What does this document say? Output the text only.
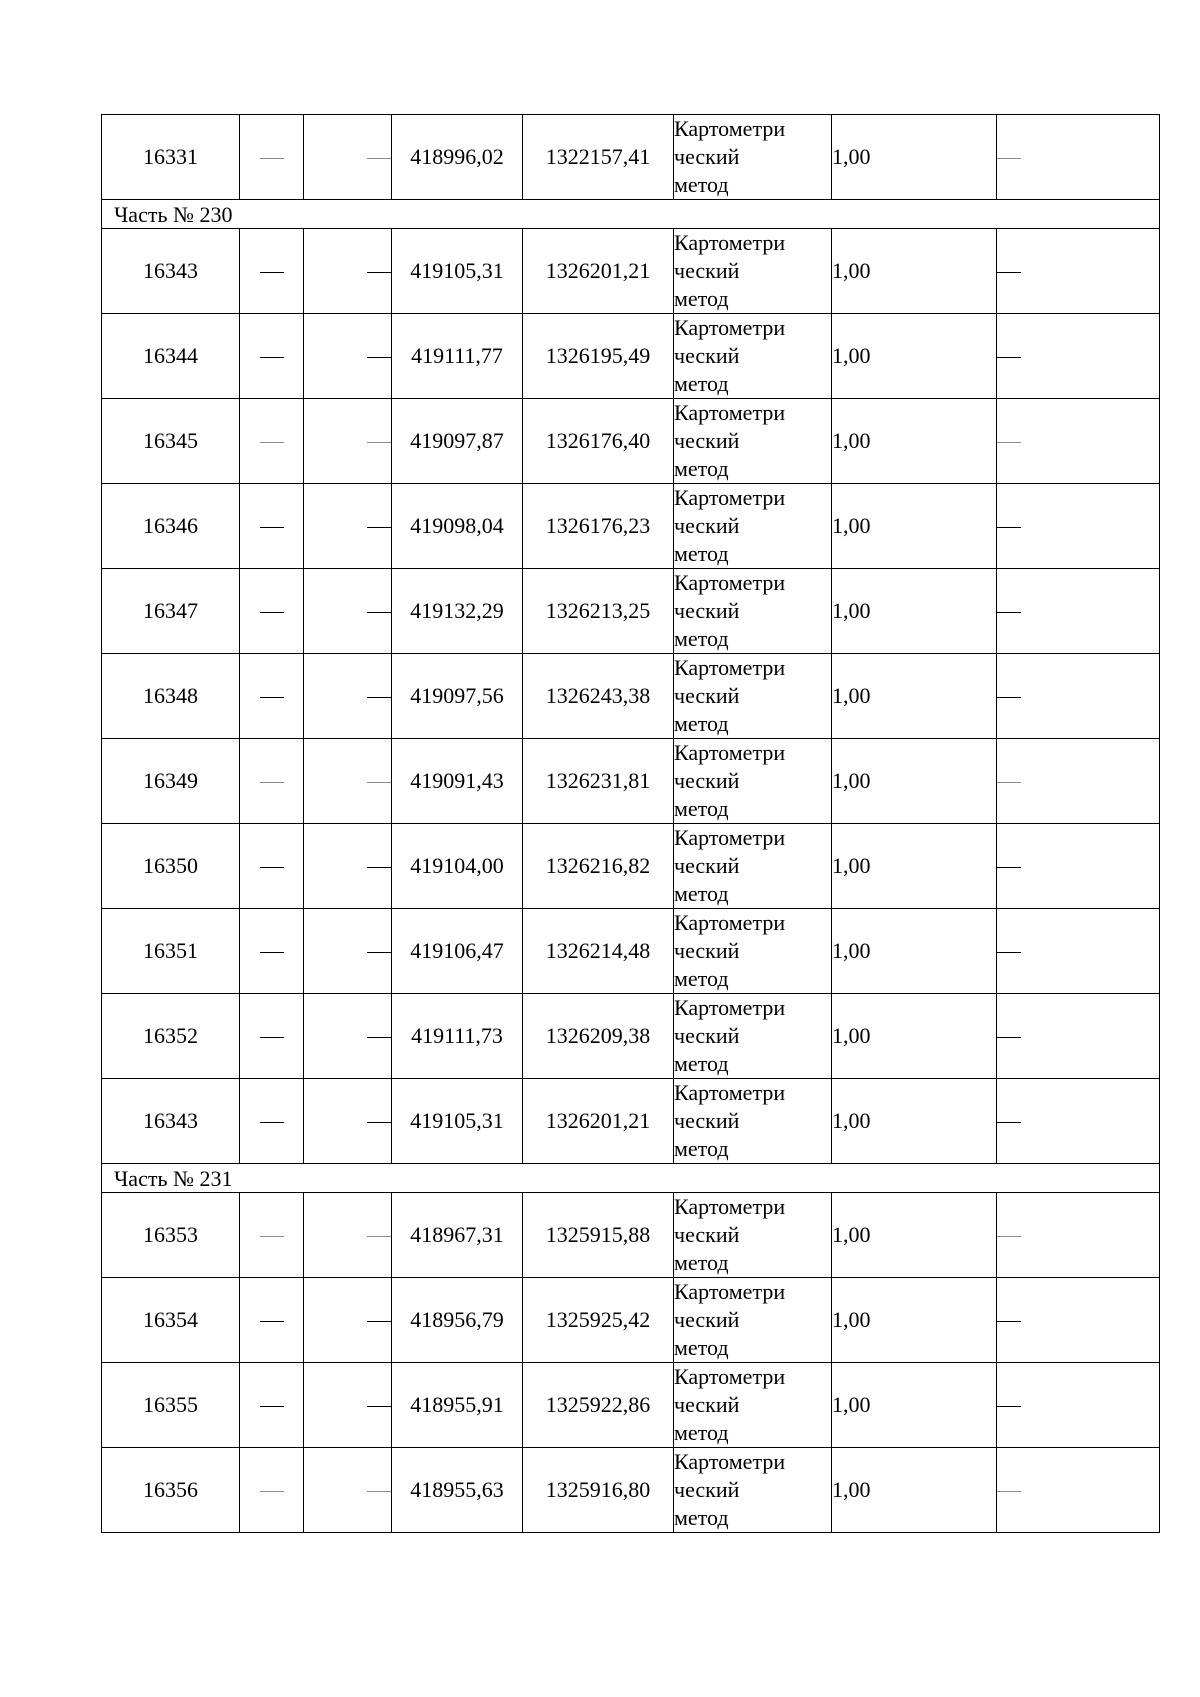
16331			418996,02	1322157,41	Картометри
ческий
метод	1,00	
Часть № 230							
16343			419105,31	1326201,21	Картометри
ческий
метод	1,00	
16344			419111,77	1326195,49	Картометри
ческий
метод	1,00	
16345			419097,87	1326176,40	Картометри
ческий
метод	1,00	
16346			419098,04	1326176,23	Картометри
ческий
метод	1,00	
16347			419132,29	1326213,25	Картометри
ческий
метод	1,00	
16348			419097,56	1326243,38	Картометри
ческий
метод	1,00	
16349			419091,43	1326231,81	Картометри
ческий
метод	1,00	
16350			419104,00	1326216,82	Картометри
ческий
метод	1,00	
16351			419106,47	1326214,48	Картометри
ческий
метод	1,00	
16352			419111,73	1326209,38	Картометри
ческий
метод	1,00	
16343			419105,31	1326201,21	Картометри
ческий
метод	1,00	
Часть № 231							
16353			418967,31	1325915,88	Картометри
ческий
метод	1,00	
16354			418956,79	1325925,42	Картометри
ческий
метод	1,00	
16355			418955,91	1325922,86	Картометри
ческий
метод	1,00	
16356			418955,63	1325916,80	Картометри
ческий
метод	1,00	
